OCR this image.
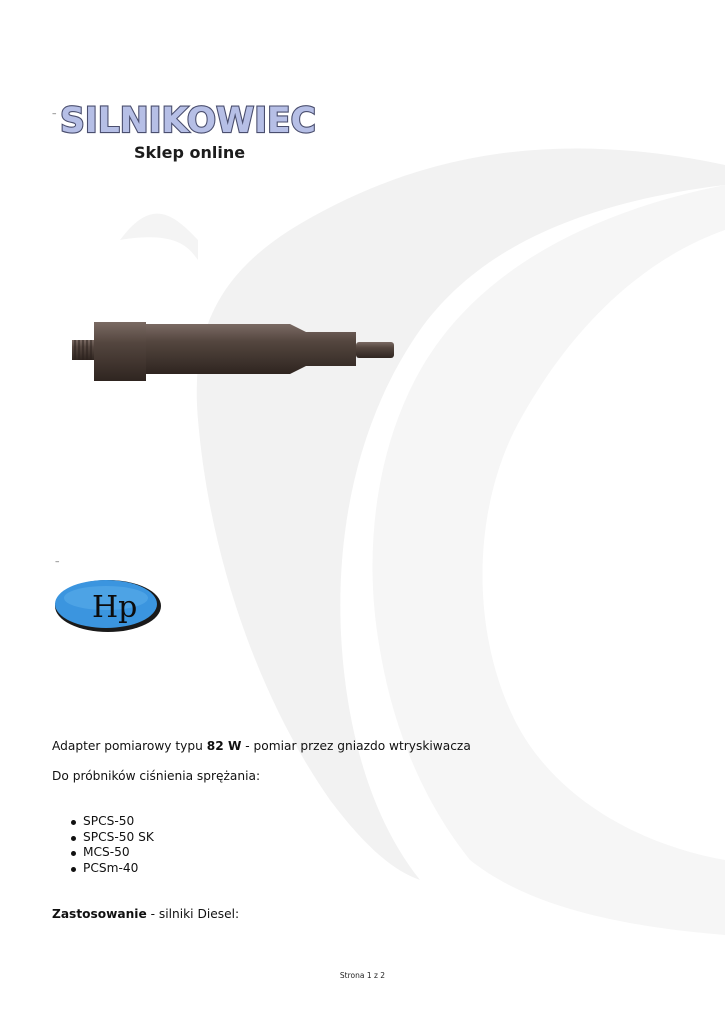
– SILNIKOWIEC
Sklep online
–
Hp
Adapter pomiarowy typu 82 W - pomiar przez gniazdo wtryskiwacza
Do próbników ciśnienia sprężania:
SPCS-50
SPCS-50 SK
MCS-50
PCSm-40
Zastosowanie - silniki Diesel:
Strona 1 z 2
